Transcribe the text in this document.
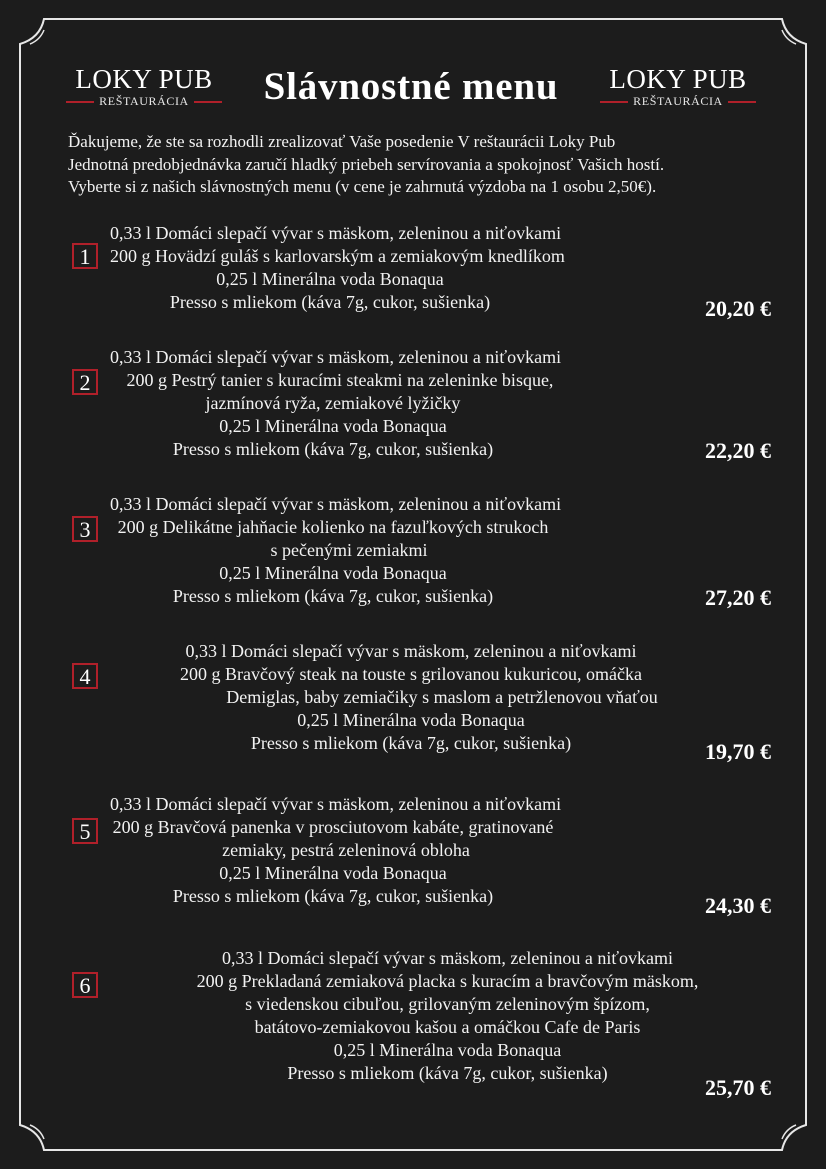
LOKY PUB
REŠTAURÁCIA	Slávnostné menu	LOKY PUB
REŠTAURÁCIA

Ďakujeme, že ste sa rozhodli zrealizovať Vaše posedenie V reštaurácii Loky Pub

Jednotná predobjednávka zaručí hladký priebeh servírovania a spokojnosť Vašich hostí.

Vyberte si z našich slávnostných menu (v cene je zahrnutá výzdoba na 1 osobu 2,50€).

1
0,33 l Domáci slepačí vývar s mäskom, zeleninou a niťovkami
200 g Hovädzí guláš s karlovarským a zemiakovým knedlíkom
0,25 l Minerálna voda Bonaqua
Presso s mliekom (káva 7g, cukor, sušienka)	20,20 €
2
0,33 l Domáci slepačí vývar s mäskom, zeleninou a niťovkami
200 g Pestrý tanier s kuracími steakmi na zeleninke bisque,
jazmínová ryža, zemiakové lyžičky
0,25 l Minerálna voda Bonaqua
Presso s mliekom (káva 7g, cukor, sušienka)	22,20 €
3
0,33 l Domáci slepačí vývar s mäskom, zeleninou a niťovkami
200 g Delikátne jahňacie kolienko na fazuľkových strukoch
s pečenými zemiakmi
0,25 l Minerálna voda Bonaqua
Presso s mliekom (káva 7g, cukor, sušienka)	27,20 €
4
0,33 l Domáci slepačí vývar s mäskom, zeleninou a niťovkami
200 g Bravčový steak na touste s grilovanou kukuricou, omáčka
Demiglas, baby zemiačiky s maslom a petržlenovou vňaťou
0,25 l Minerálna voda Bonaqua
Presso s mliekom (káva 7g, cukor, sušienka)	19,70 €
5
0,33 l Domáci slepačí vývar s mäskom, zeleninou a niťovkami
200 g Bravčová panenka v prosciutovom kabáte, gratinované
zemiaky, pestrá zeleninová obloha
0,25 l Minerálna voda Bonaqua
Presso s mliekom (káva 7g, cukor, sušienka)	24,30 €
6
0,33 l Domáci slepačí vývar s mäskom, zeleninou a niťovkami
200 g Prekladaná zemiaková placka s kuracím a bravčovým mäskom,
s viedenskou cibuľou, grilovaným zeleninovým špízom,
batátovo-zemiakovou kašou a omáčkou Cafe de Paris
0,25 l Minerálna voda Bonaqua
Presso s mliekom (káva 7g, cukor, sušienka)
25,70 €
